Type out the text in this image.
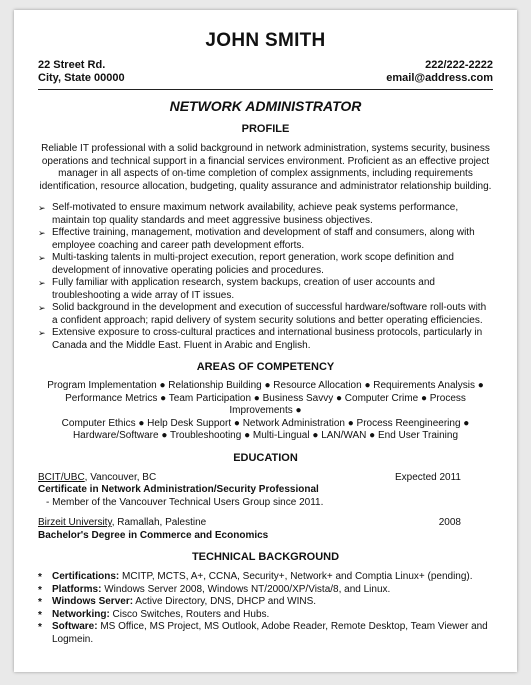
JOHN SMITH
22 Street Rd.	222/222-2222
City, State 00000	email@address.com
NETWORK ADMINISTRATOR
PROFILE
Reliable IT professional with a solid background in network administration, systems security, business operations and technical support in a financial services environment. Proficient as an effective project manager in all aspects of on-time completion of complex assignments, including requirements identification, resource allocation, budgeting, quality assurance and administrator relationship building.
➢ Self-motivated to ensure maximum network availability, achieve peak systems performance, maintain top quality standards and meet aggressive business objectives.
➢ Effective training, management, motivation and development of staff and consumers, along with employee coaching and career path development efforts.
➢ Multi-tasking talents in multi-project execution, report generation, work scope definition and development of innovative operating policies and procedures.
➢ Fully familiar with application research, system backups, creation of user accounts and troubleshooting a wide array of IT issues.
➢ Solid background in the development and execution of successful hardware/software roll-outs with a confident approach; rapid delivery of system security solutions and better operating efficiencies.
➢ Extensive exposure to cross-cultural practices and international business protocols, particularly in Canada and the Middle East. Fluent in Arabic and English.
AREAS OF COMPETENCY
Program Implementation ● Relationship Building ● Resource Allocation ● Requirements Analysis ●
Performance Metrics ● Team Participation ● Business Savvy ● Computer Crime ● Process Improvements ●
Computer Ethics ● Help Desk Support ● Network Administration ● Process Reengineering ●
Hardware/Software ● Troubleshooting ● Multi-Lingual ● LAN/WAN ● End User Training
EDUCATION
BCIT/UBC, Vancouver, BC	Expected 2011
Certificate in Network Administration/Security Professional
- Member of the Vancouver Technical Users Group since 2011.
Birzeit University, Ramallah, Palestine	2008
Bachelor's Degree in Commerce and Economics
TECHNICAL BACKGROUND
* Certifications: MCITP, MCTS, A+, CCNA, Security+, Network+ and Comptia Linux+ (pending).
* Platforms: Windows Server 2008, Windows NT/2000/XP/Vista/8, and Linux.
* Windows Server: Active Directory, DNS, DHCP and WINS.
* Networking: Cisco Switches, Routers and Hubs.
* Software: MS Office, MS Project, MS Outlook, Adobe Reader, Remote Desktop, Team Viewer and Logmein.
